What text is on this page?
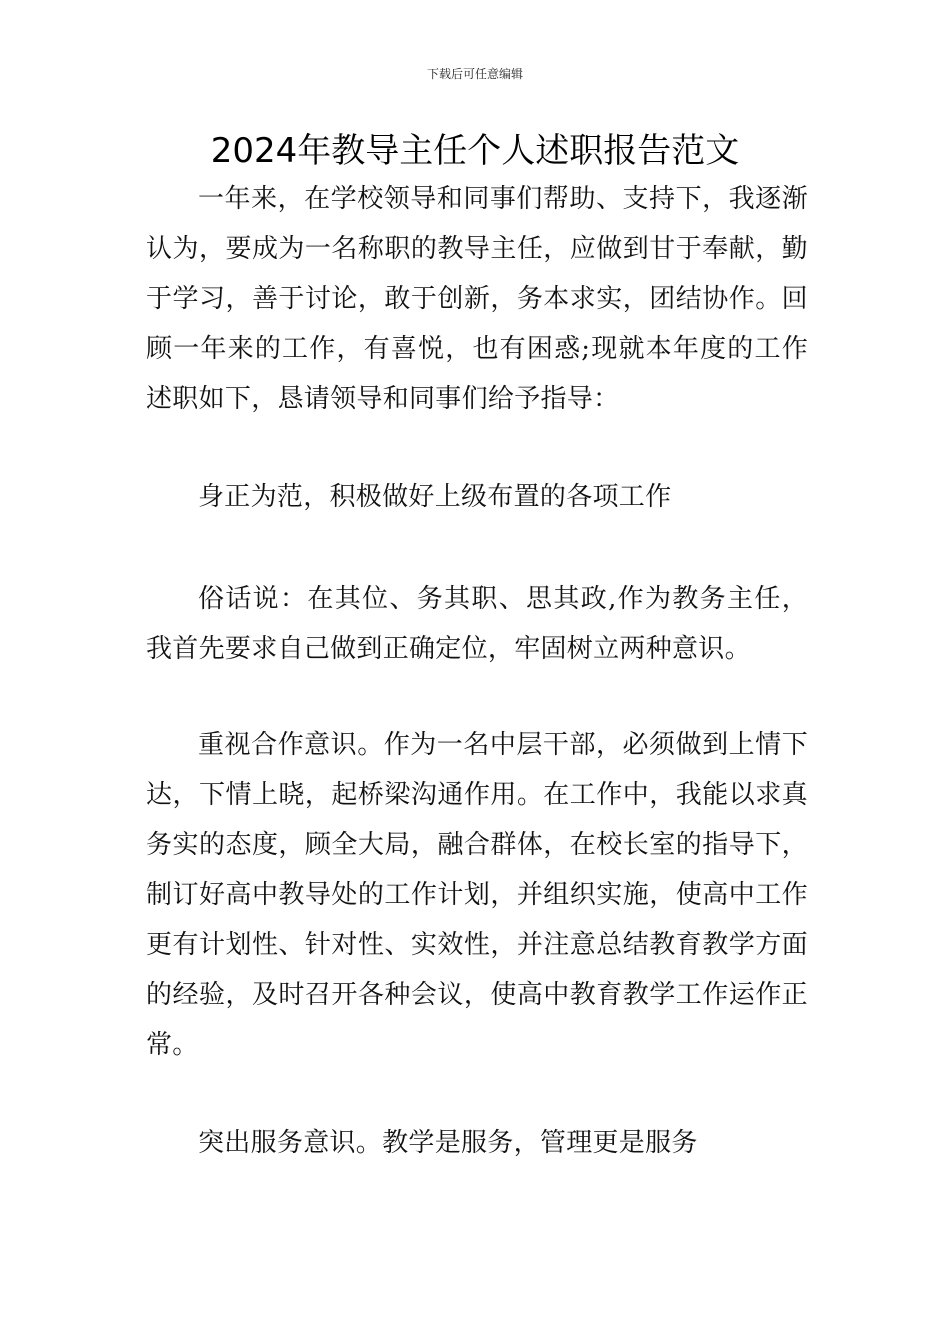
下载后可任意编辑
2024年教导主任个人述职报告范文

一年来，在学校领导和同事们帮助、支持下，我逐渐认为，要成为一名称职的教导主任，应做到甘于奉献，勤于学习，善于讨论，敢于创新，务本求实，团结协作。回顾一年来的工作，有喜悦，也有困惑;现就本年度的工作述职如下，恳请领导和同事们给予指导：

身正为范，积极做好上级布置的各项工作

俗话说：在其位、务其职、思其政,作为教务主任，我首先要求自己做到正确定位，牢固树立两种意识。

重视合作意识。作为一名中层干部，必须做到上情下达，下情上晓，起桥梁沟通作用。在工作中，我能以求真务实的态度，顾全大局，融合群体，在校长室的指导下，制订好高中教导处的工作计划，并组织实施，使高中工作更有计划性、针对性、实效性，并注意总结教育教学方面的经验，及时召开各种会议，使高中教育教学工作运作正常。

突出服务意识。教学是服务，管理更是服务
